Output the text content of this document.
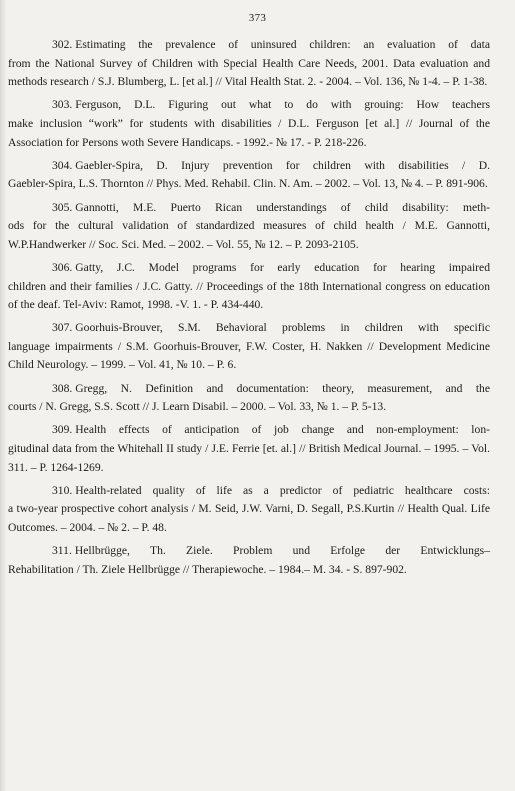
373
302. Estimating the prevalence of uninsured children: an evaluation of data
from the National Survey of Children with Special Health Care Needs, 2001. Data evaluation and methods research / S.J. Blumberg, L. [et al.] // Vital Health Stat. 2. - 2004. – Vol. 136, № 1-4. – P. 1-38.
303. Ferguson, D.L. Figuring out what to do with grouing: How teachers
make inclusion “work” for students with disabilities / D.L. Ferguson [et al.] // Journal of the Association for Persons woth Severe Handicaps. - 1992.- № 17. - P. 218-226.
304. Gaebler-Spira, D. Injury prevention for children with disabilities / D.
Gaebler-Spira, L.S. Thornton // Phys. Med. Rehabil. Clin. N. Am. – 2002. – Vol. 13, № 4. – P. 891-906.
305. Gannotti, M.E. Puerto Rican understandings of child disability: meth-
ods for the cultural validation of standardized measures of child health / M.E. Gannotti, W.P.Handwerker // Soc. Sci. Med. – 2002. – Vol. 55, № 12. – P. 2093-2105.
306. Gatty, J.C. Model programs for early education for hearing impaired
children and their families / J.C. Gatty. // Proceedings of the 18th International congress on education of the deaf. Tel-Aviv: Ramot, 1998. -V. 1. - P. 434-440.
307. Goorhuis-Brouver, S.M. Behavioral problems in children with specific
language impairments / S.M. Goorhuis-Brouver, F.W. Coster, H. Nakken // Development Medicine Child Neurology. – 1999. – Vol. 41, № 10. – P. 6.
308. Gregg, N. Definition and documentation: theory, measurement, and the
courts / N. Gregg, S.S. Scott // J. Learn Disabil. – 2000. – Vol. 33, № 1. – P. 5-13.
309. Health effects of anticipation of job change and non-employment: lon-
gitudinal data from the Whitehall II study / J.E. Ferrie [et. al.] // British Medical Journal. – 1995. – Vol. 311. – P. 1264-1269.
310. Health-related quality of life as a predictor of pediatric healthcare costs:
a two-year prospective cohort analysis / M. Seid, J.W. Varni, D. Segall, P.S.Kurtin // Health Qual. Life Outcomes. – 2004. – № 2. – P. 48.
311. Hellbrügge, Th. Ziele. Problem und Erfolge der Entwicklungs–
Rehabilitation / Th. Ziele Hellbrügge // Therapiewoche. – 1984.– M. 34. - S. 897-902.
